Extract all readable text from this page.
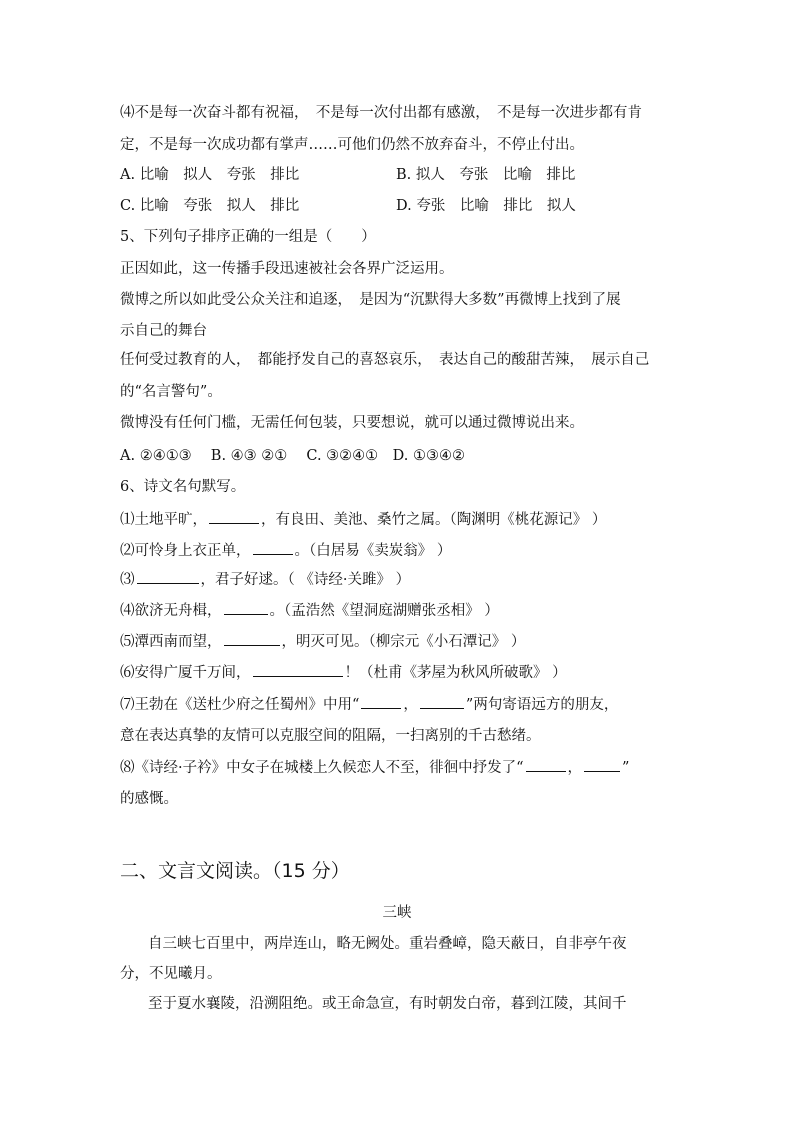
⑷不是每一次奋斗都有祝福，　不是每一次付出都有感激，　不是每一次进步都有肯
定，不是每一次成功都有掌声……可他们仍然不放弃奋斗，不停止付出。
A. 比喻　拟人　夸张　排比	B. 拟人　夸张　比喻　排比
C. 比喻　夸张　拟人　排比	D. 夸张　比喻　排比　拟人
5、下列句子排序正确的一组是（　　）
正因如此，这一传播手段迅速被社会各界广泛运用。
微博之所以如此受公众关注和追逐，　是因为“沉默得大多数”再微博上找到了展
示自己的舞台
任何受过教育的人，　都能抒发自己的喜怒哀乐，　表达自己的酸甜苦辣，　展示自己
的“名言警句”。
微博没有任何门槛，无需任何包装，只要想说，就可以通过微博说出来。
A. ②④①③　 B. ④③ ②①　 C. ③②④①　D. ①③④②
6、诗文名句默写。
⑴土地平旷，	，有良田、美池、桑竹之属。（陶渊明《桃花源记》 ）
⑵可怜身上衣正单，	。（白居易《卖炭翁》 ）
⑶	，君子好逑。（ 《诗经·关雎》 ）
⑷欲济无舟楫，	。（孟浩然《望洞庭湖赠张丞相》 ）
⑸潭西南而望，	，明灭可见。（柳宗元《小石潭记》 ）
⑹安得广厦千万间，	！（杜甫《茅屋为秋风所破歌》 ）
⑺王勃在《送杜少府之任蜀州》中用“	，	”两句寄语远方的朋友，
意在表达真挚的友情可以克服空间的阻隔，一扫离别的千古愁绪。
⑻《诗经·子衿》中女子在城楼上久候恋人不至，徘徊中抒发了“	，	”
的感慨。
二、文言文阅读。（15 分）
三峡
自三峡七百里中，两岸连山，略无阙处。重岩叠嶂，隐天蔽日，自非亭午夜
分，不见曦月。
至于夏水襄陵，沿溯阻绝。或王命急宣，有时朝发白帝，暮到江陵，其间千
